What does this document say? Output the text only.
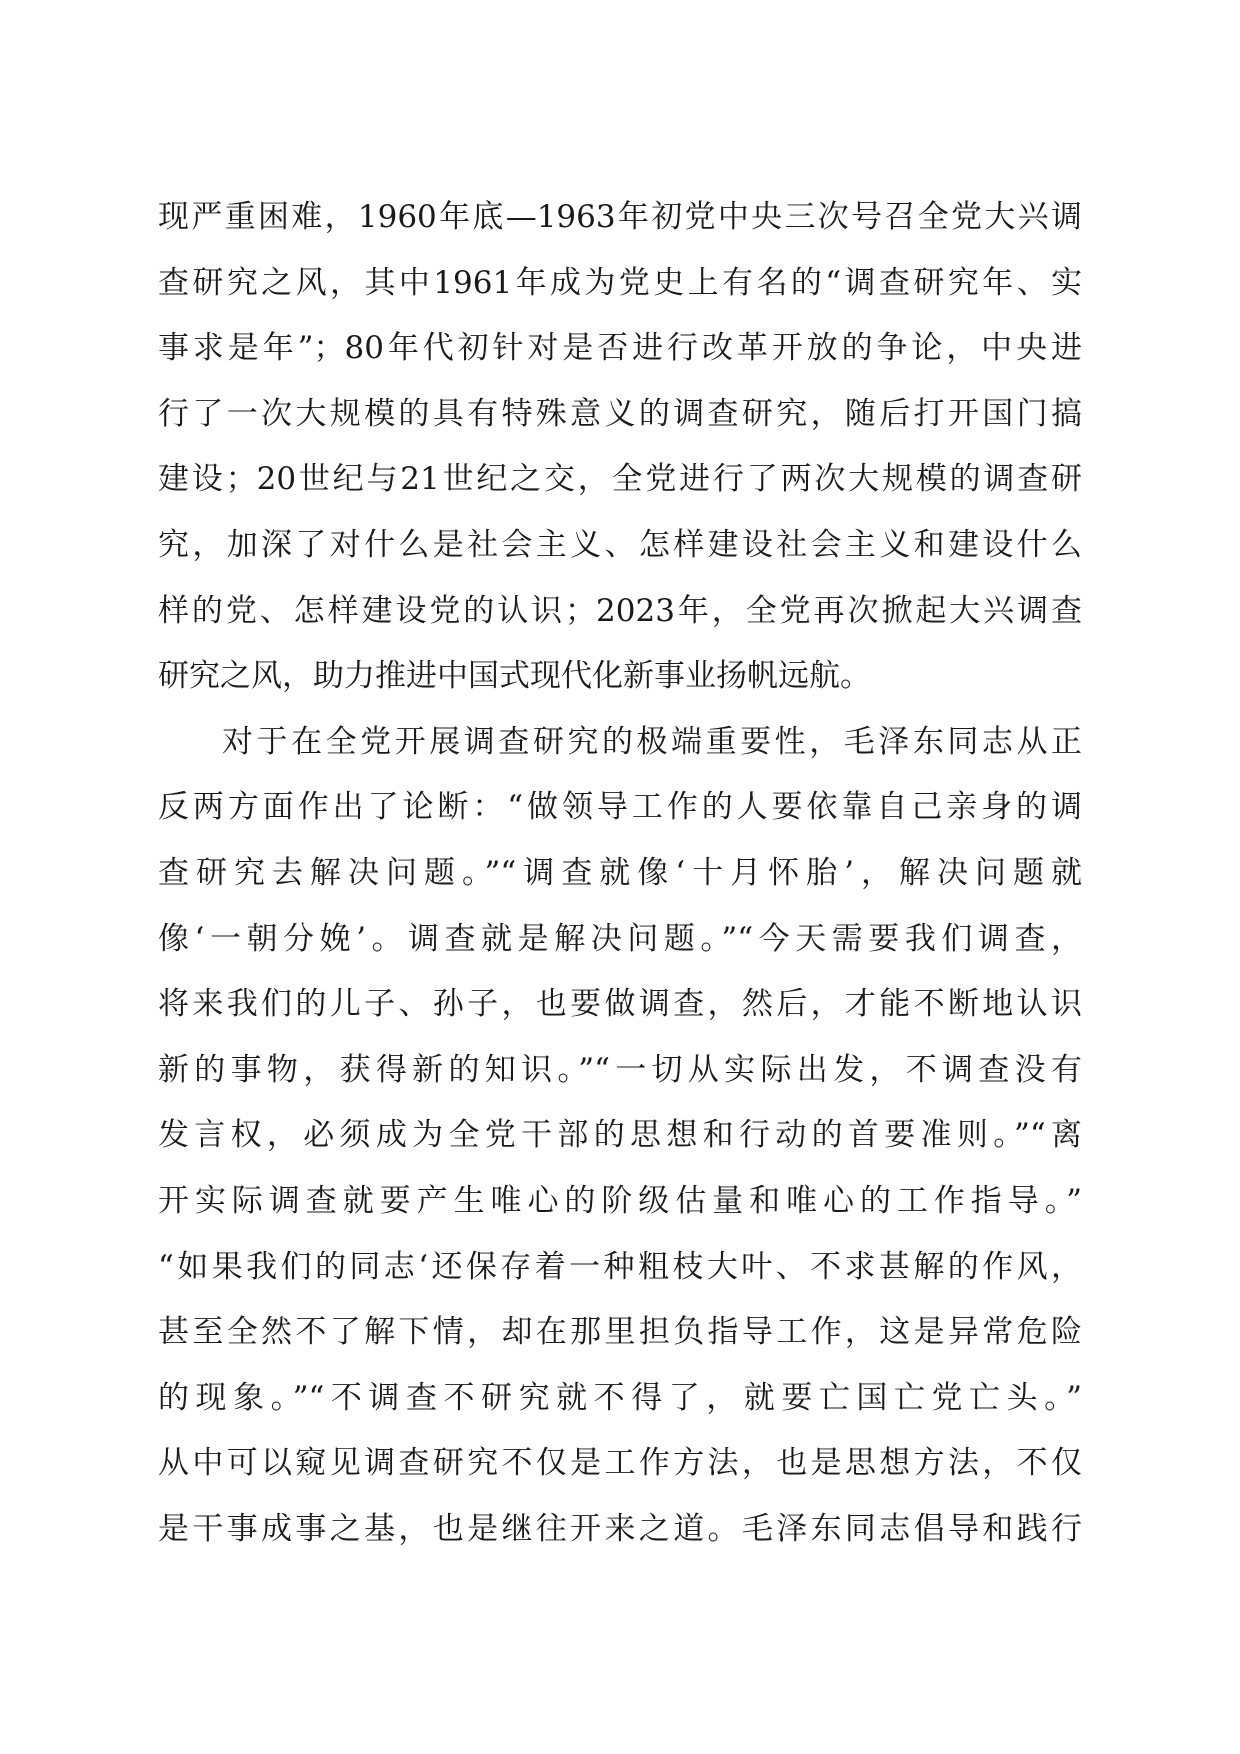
现严重困难，1960年底—1963年初党中央三次号召全党大兴调
查研究之风，其中1961年成为党史上有名的“调查研究年、实
事求是年”；80年代初针对是否进行改革开放的争论，中央进
行了一次大规模的具有特殊意义的调查研究，随后打开国门搞
建设；20世纪与21世纪之交，全党进行了两次大规模的调查研
究，加深了对什么是社会主义、怎样建设社会主义和建设什么
样的党、怎样建设党的认识；2023年，全党再次掀起大兴调查
研究之风，助力推进中国式现代化新事业扬帆远航。
对于在全党开展调查研究的极端重要性，毛泽东同志从正
反两方面作出了论断：“做领导工作的人要依靠自己亲身的调
查研究去解决问题。”“调查就像‘十月怀胎’，解决问题就
像‘一朝分娩’。调查就是解决问题。”“今天需要我们调查，
将来我们的儿子、孙子，也要做调查，然后，才能不断地认识
新的事物，获得新的知识。”“一切从实际出发，不调查没有
发言权，必须成为全党干部的思想和行动的首要准则。”“离
开实际调查就要产生唯心的阶级估量和唯心的工作指导。”
“如果我们的同志‘还保存着一种粗枝大叶、不求甚解的作风，
甚至全然不了解下情，却在那里担负指导工作，这是异常危险
的现象。”“不调查不研究就不得了，就要亡国亡党亡头。”
从中可以窥见调查研究不仅是工作方法，也是思想方法，不仅
是干事成事之基，也是继往开来之道。毛泽东同志倡导和践行
